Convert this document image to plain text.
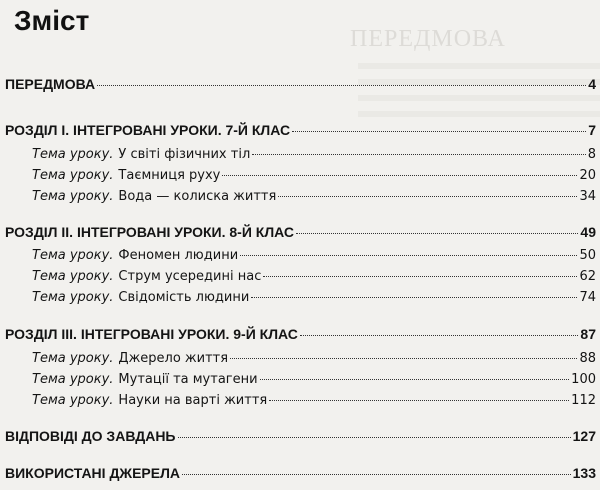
ПЕРЕДМОВА
Зміст
ПЕРЕДМОВА	4
РОЗДІЛ І. ІНТЕГРОВАНІ УРОКИ. 7-Й КЛАС	7
Тема уроку. У світі фізичних тіл	8
Тема уроку. Таємниця руху	20
Тема уроку. Вода — колиска життя	34
РОЗДІЛ ІІ. ІНТЕГРОВАНІ УРОКИ. 8-Й КЛАС	49
Тема уроку. Феномен людини	50
Тема уроку. Струм усередині нас	62
Тема уроку. Свідомість людини	74
РОЗДІЛ ІІІ. ІНТЕГРОВАНІ УРОКИ. 9-Й КЛАС	87
Тема уроку. Джерело життя	88
Тема уроку. Мутації та мутагени	100
Тема уроку. Науки на варті життя	112
ВІДПОВІДІ ДО ЗАВДАНЬ	127
ВИКОРИСТАНІ ДЖЕРЕЛА	133
